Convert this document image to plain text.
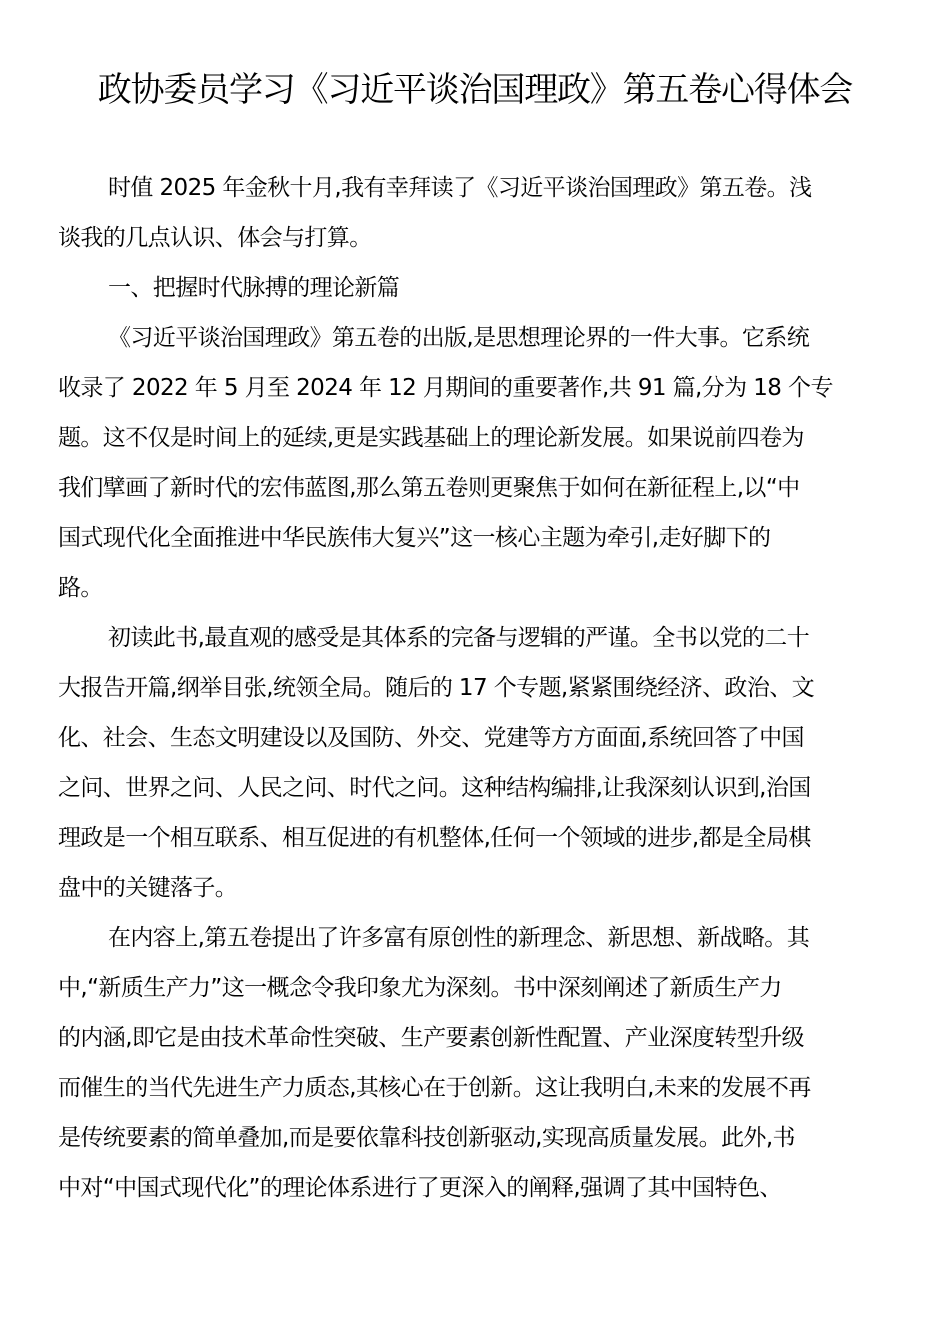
政协委员学习《习近平谈治国理政》第五卷心得体会
时值 2025 年金秋十月,我有幸拜读了《习近平谈治国理政》第五卷。浅
谈我的几点认识、体会与打算。
一、把握时代脉搏的理论新篇
《习近平谈治国理政》第五卷的出版,是思想理论界的一件大事。它系统
收录了 2022 年 5 月至 2024 年 12 月期间的重要著作,共 91 篇,分为 18 个专
题。这不仅是时间上的延续,更是实践基础上的理论新发展。如果说前四卷为
我们擘画了新时代的宏伟蓝图,那么第五卷则更聚焦于如何在新征程上,以“中
国式现代化全面推进中华民族伟大复兴”这一核心主题为牵引,走好脚下的
路。
初读此书,最直观的感受是其体系的完备与逻辑的严谨。全书以党的二十
大报告开篇,纲举目张,统领全局。随后的 17 个专题,紧紧围绕经济、政治、文
化、社会、生态文明建设以及国防、外交、党建等方方面面,系统回答了中国
之问、世界之问、人民之问、时代之问。这种结构编排,让我深刻认识到,治国
理政是一个相互联系、相互促进的有机整体,任何一个领域的进步,都是全局棋
盘中的关键落子。
在内容上,第五卷提出了许多富有原创性的新理念、新思想、新战略。其
中,“新质生产力”这一概念令我印象尤为深刻。书中深刻阐述了新质生产力
的内涵,即它是由技术革命性突破、生产要素创新性配置、产业深度转型升级
而催生的当代先进生产力质态,其核心在于创新。这让我明白,未来的发展不再
是传统要素的简单叠加,而是要依靠科技创新驱动,实现高质量发展。此外,书
中对“中国式现代化”的理论体系进行了更深入的阐释,强调了其中国特色、
